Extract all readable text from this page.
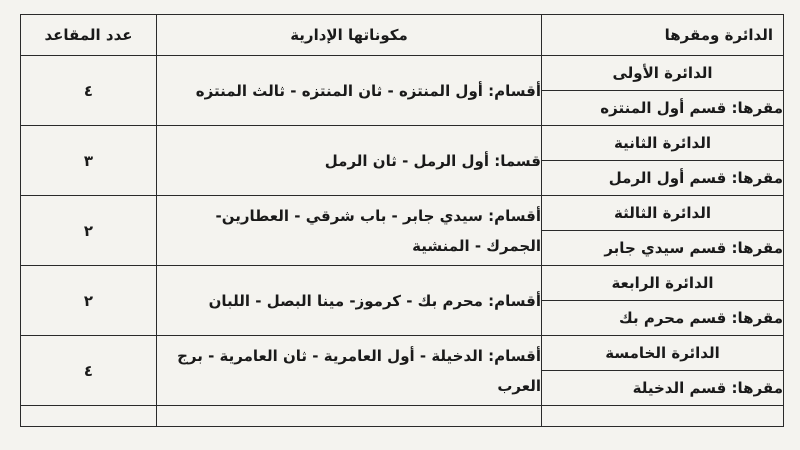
الدائرة ومقرها	مكوناتها الإدارية	عدد المقاعد
الدائرة الأولى	أقسام: أول المنتزه - ثان المنتزه - ثالث المنتزه	٤
مقرها: قسم أول المنتزه		
الدائرة الثانية	قسما: أول الرمل - ثان الرمل	٣
مقرها: قسم أول الرمل		
الدائرة الثالثة	أقسام: سيدي جابر - باب شرقي - العطارين- الجمرك - المنشية	٢
مقرها: قسم سيدي جابر		
الدائرة الرابعة	أقسام: محرم بك - كرموز- مينا البصل - اللبان	٢
مقرها: قسم محرم بك		
الدائرة الخامسة	أقسام: الدخيلة - أول العامرية - ثان العامرية - برج العرب	٤
مقرها: قسم الدخيلة		
